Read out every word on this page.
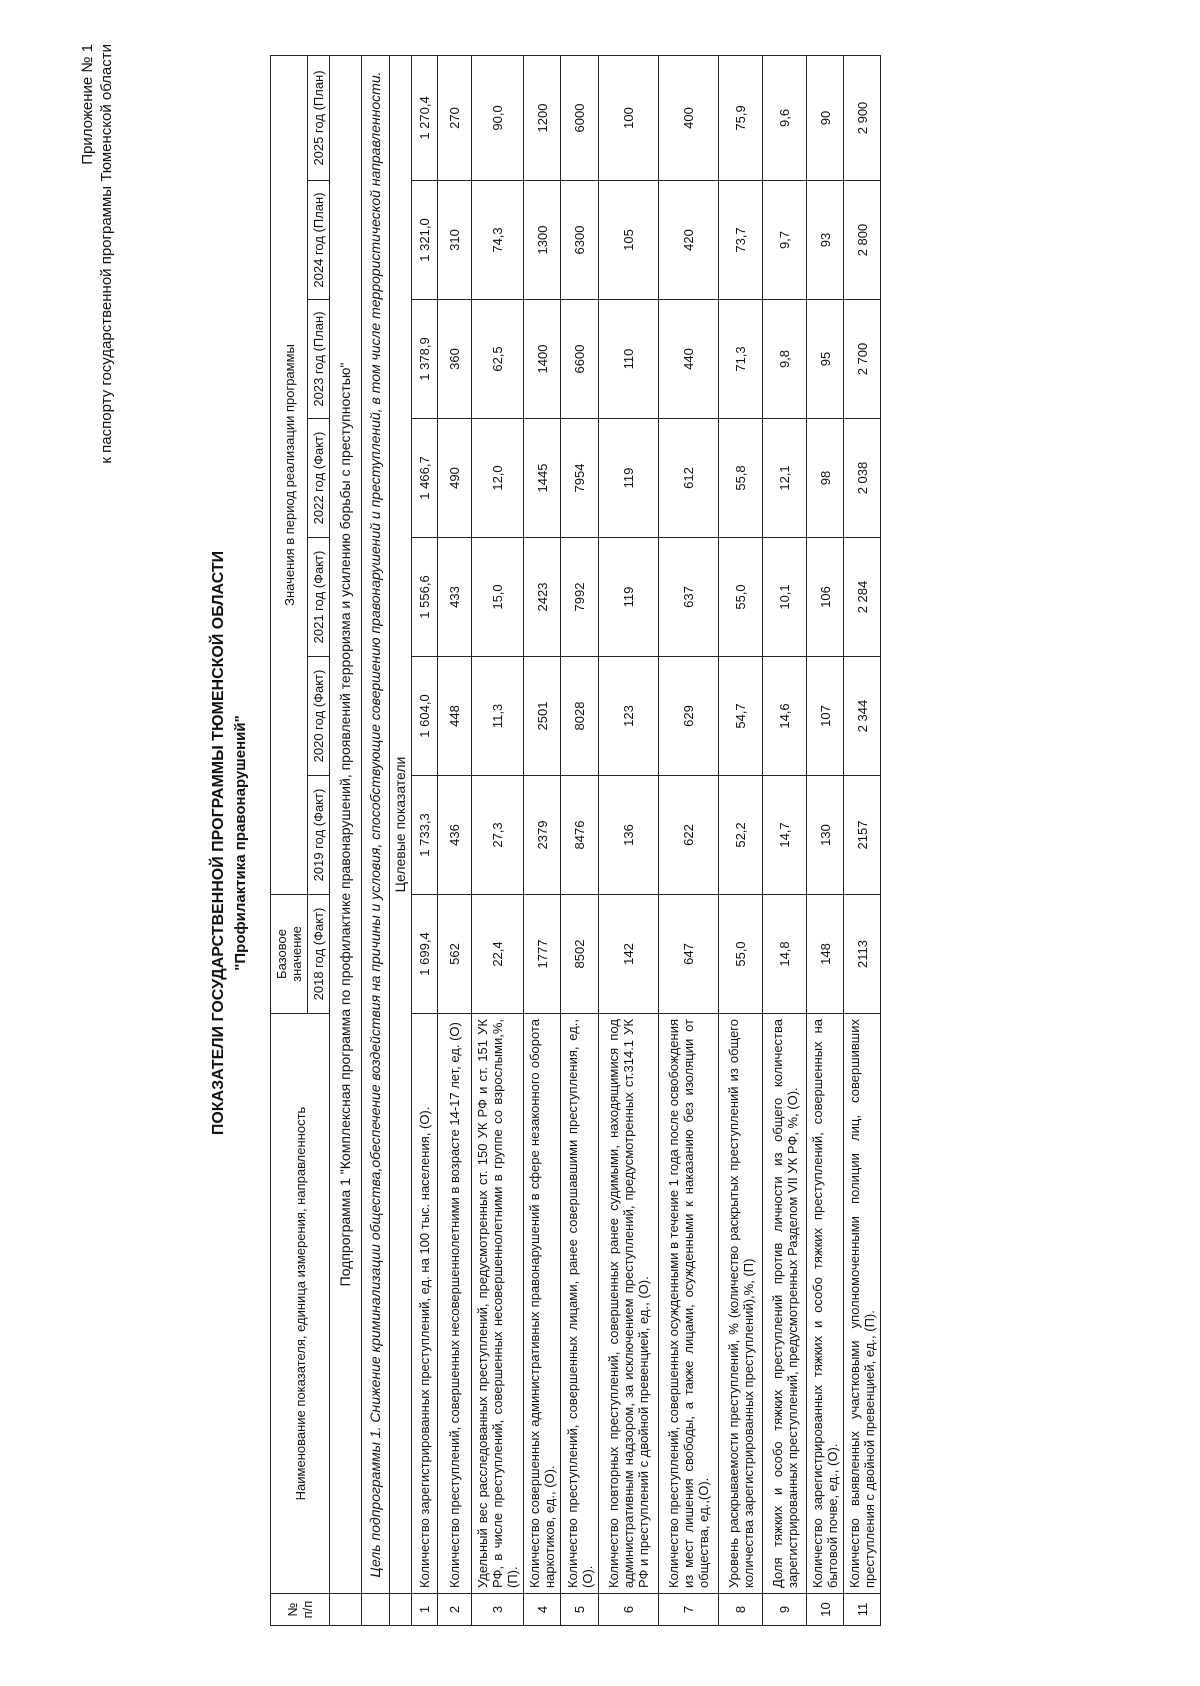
Приложение № 1 к паспорту государственной программы Тюменской области
ПОКАЗАТЕЛИ ГОСУДАРСТВЕННОЙ ПРОГРАММЫ ТЮМЕНСКОЙ ОБЛАСТИ "Профилактика правонарушений"
№ п/п	Наименование показателя, единица измерения, направленность	Базовое значение	Значения в период реализации программы						
		2018 год (Факт)	2019 год (Факт)	2020 год (Факт)	2021 год (Факт)	2022 год (Факт)	2023 год (План)	2024 год (План)	2025 год (План)
	Подпрограмма 1 "Комплексная программа по профилактике правонарушений, проявлений терроризма и усилению борьбы с преступностью"								
	Цель подпрограммы 1. Снижение криминализации общества,обеспечение воздействия на причины и условия, способствующие совершению правонарушений и преступлений, в том числе террористической направленности.								
	Целевые показатели								
1	Количество зарегистрированных преступлений, ед. на 100 тыс. населения, (О).	1 699,4	1 733,3	1 604,0	1 556,6	1 466,7	1 378,9	1 321,0	1 270,4
2	Количество преступлений, совершенных несовершеннолетними в возрасте 14-17 лет, ед. (О)	562	436	448	433	490	360	310	270
3	Удельный вес расследованных преступлений, предусмотренных ст. 150 УК РФ и ст. 151 УК РФ, в числе преступлений, совершенных несовершеннолетними в группе со взрослыми,%, (П).	22,4	27,3	11,3	15,0	12,0	62,5	74,3	90,0
4	Количество совершенных административных правонарушений в сфере незаконного оборота наркотиков, ед., (О).	1777	2379	2501	2423	1445	1400	1300	1200
5	Количество преступлений, совершенных лицами, ранее совершавшими преступления, ед., (О).	8502	8476	8028	7992	7954	6600	6300	6000
6	Количество повторных преступлений, совершенных ранее судимыми, находящимися под административным надзором, за исключением преступлений, предусмотренных ст.314.1 УК РФ и преступлений с двойной превенцией, ед., (О).	142	136	123	119	119	110	105	100
7	Количество преступлений, совершенных осужденными в течение 1 года после освобождения из мест лишения свободы, а также лицами, осужденными к наказанию без изоляции от общества, ед.,(О).	647	622	629	637	612	440	420	400
8	Уровень раскрываемости преступлений, % (количество раскрытых преступлений из общего количества зарегистрированных преступлений),%, (П)	55,0	52,2	54,7	55,0	55,8	71,3	73,7	75,9
9	Доля тяжких и особо тяжких преступлений против личности из общего количества зарегистрированных преступлений, предусмотренных Разделом VII УК РФ, %, (О).	14,8	14,7	14,6	10,1	12,1	9,8	9,7	9,6
10	Количество зарегистрированных тяжких и особо тяжких преступлений, совершенных на бытовой почве, ед., (О).	148	130	107	106	98	95	93	90
11	Количество выявленных участковыми уполномоченными полиции лиц, совершивших преступления с двойной превенцией, ед., (П).	2113	2157	2 344	2 284	2 038	2 700	2 800	2 900
